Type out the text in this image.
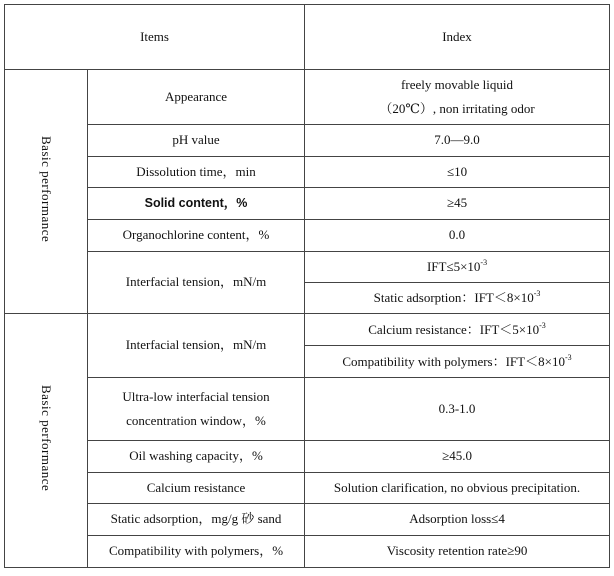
Items		Index
Basic performance	Appearance	freely movable liquid
（20℃）, non irritating odor

	pH value	7.0—9.0
	Dissolution time，min	≤10
	Solid content，%	≥45
	Organochlorine content，%	0.0
	Interfacial tension，mN/m	$IFT\le 5\times 10^{-3}$
		Static adsorption：$IFT<8\times 10^{-3}$
Basic performance	Interfacial tension，mN/m	Calcium resistance：$IFT<5\times 10^{-3}$
		Compatibility with polymers：$IFT<8\times 10^{-3}$
	Ultra-low interfacial tension
concentration window，%	0.3-1.0
	Oil washing capacity，%	≥45.0
	Calcium resistance	Solution clarification, no obvious precipitation.
	Static adsorption，mg/g 砂 sand	Adsorption loss≤4
	Compatibility with polymers，%	Viscosity retention rate≥90
